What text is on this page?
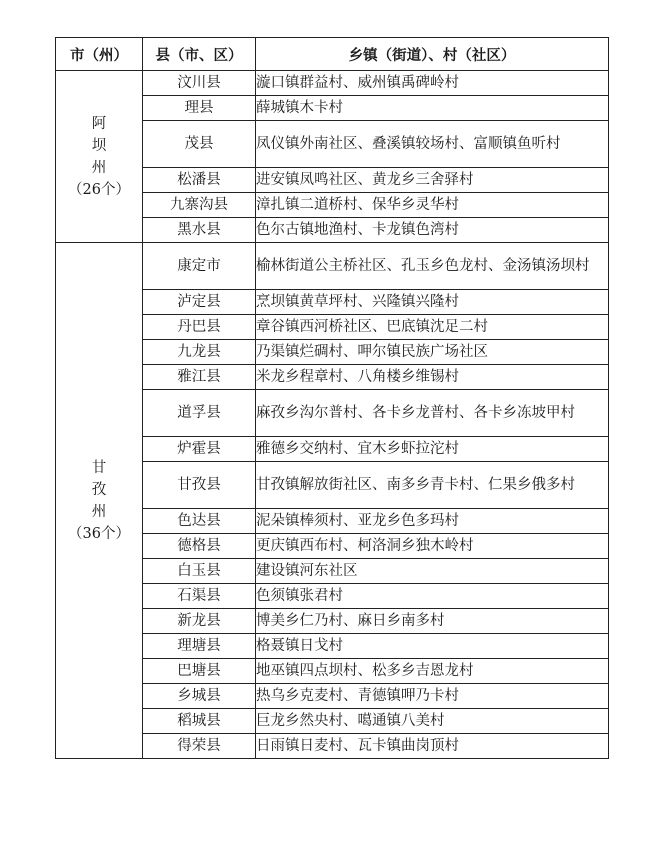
市（州）	县（市、区）	乡镇（街道）、村（社区）

阿
坝
州
（26个）	汶川县	漩口镇群益村、威州镇禹碑岭村
	理县	薛城镇木卡村
	茂县	凤仪镇外南社区、叠溪镇较场村、富顺镇鱼听村
	松潘县	进安镇凤鸣社区、黄龙乡三舍驿村
	九寨沟县	漳扎镇二道桥村、保华乡灵华村
	黑水县	色尔古镇地渔村、卡龙镇色湾村

甘
孜
州
（36个）	康定市	榆林街道公主桥社区、孔玉乡色龙村、金汤镇汤坝村
	泸定县	烹坝镇黄草坪村、兴隆镇兴隆村
	丹巴县	章谷镇西河桥社区、巴底镇沈足二村
	九龙县	乃渠镇烂碉村、呷尔镇民族广场社区
	雅江县	米龙乡程章村、八角楼乡维锡村
	道孚县	麻孜乡沟尔普村、各卡乡龙普村、各卡乡冻坡甲村
	炉霍县	雅德乡交纳村、宜木乡虾拉沱村
	甘孜县	甘孜镇解放街社区、南多乡青卡村、仁果乡俄多村
	色达县	泥朵镇棒须村、亚龙乡色多玛村
	德格县	更庆镇西布村、柯洛洞乡独木岭村
	白玉县	建设镇河东社区
	石渠县	色须镇张君村
	新龙县	博美乡仁乃村、麻日乡南多村
	理塘县	格聂镇日戈村
	巴塘县	地巫镇四点坝村、松多乡吉恩龙村
	乡城县	热乌乡克麦村、青德镇呷乃卡村
	稻城县	巨龙乡然央村、噶通镇八美村
	得荣县	日雨镇日麦村、瓦卡镇曲岗顶村
